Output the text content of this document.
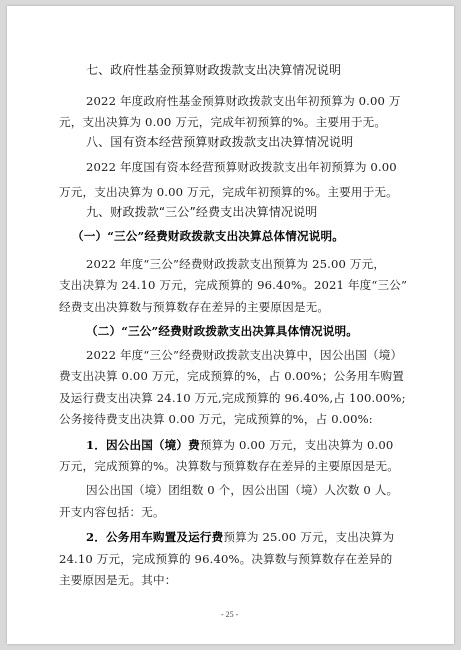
七、政府性基金预算财政拨款支出决算情况说明
2022 年度政府性基金预算财政拨款支出年初预算为 0.00 万
元，支出决算为 0.00 万元，完成年初预算的%。主要用于无。
八、国有资本经营预算财政拨款支出决算情况说明
2022 年度国有资本经营预算财政拨款支出年初预算为 0.00
万元，支出决算为 0.00 万元，完成年初预算的%。主要用于无。
九、财政拨款“三公”经费支出决算情况说明
（一）“三公”经费财政拨款支出决算总体情况说明。
2022 年度“三公”经费财政拨款支出预算为 25.00 万元，
支出决算为 24.10 万元，完成预算的 96.40%。2021 年度“三公”
经费支出决算数与预算数存在差异的主要原因是无。
（二）“三公”经费财政拨款支出决算具体情况说明。
2022 年度“三公”经费财政拨款支出决算中，因公出国（境）
费支出决算 0.00 万元，完成预算的%，占 0.00%；公务用车购置
及运行费支出决算 24.10 万元,完成预算的 96.40%,占 100.00%;
公务接待费支出决算 0.00 万元，完成预算的%，占 0.00%:
1．因公出国（境）费预算为 0.00 万元，支出决算为 0.00
万元，完成预算的%。决算数与预算数存在差异的主要原因是无。
因公出国（境）团组数 0 个，因公出国（境）人次数 0 人。
开支内容包括：无。
2．公务用车购置及运行费预算为 25.00 万元，支出决算为
24.10 万元，完成预算的 96.40%。决算数与预算数存在差异的
主要原因是无。其中：
- 25 -
